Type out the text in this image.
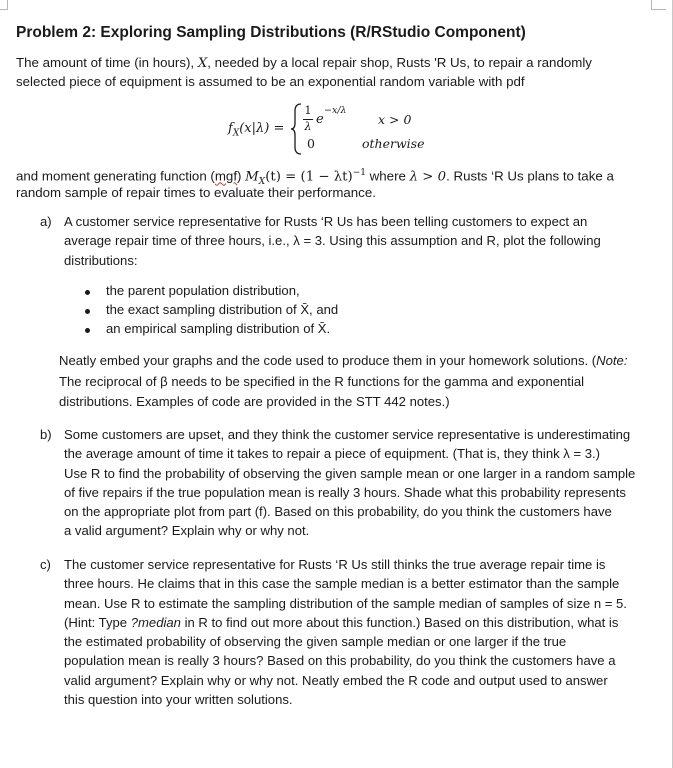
Problem 2: Exploring Sampling Distributions (R/RStudio Component)
The amount of time (in hours), X, needed by a local repair shop, Rusts 'R Us, to repair a randomly
selected piece of equipment is assumed to be an exponential random variable with pdf
$f_X(x|\lambda)$ =
1
λ e
−x/λ
x > 0
0	otherwise
and moment generating function (mgf) $M_X(t) = (1 - \lambda t)^{-1}$ where λ > 0. Rusts ‘R Us plans to take a
random sample of repair times to evaluate their performance.
a) A customer service representative for Rusts ‘R Us has been telling customers to expect an
average repair time of three hours, i.e., λ = 3. Using this assumption and R, plot the following
distributions:
the parent population distribution,
the exact sampling distribution of X̄, and
an empirical sampling distribution of X̄.
Neatly embed your graphs and the code used to produce them in your homework solutions. (Note:
The reciprocal of β needs to be specified in the R functions for the gamma and exponential
distributions. Examples of code are provided in the STT 442 notes.)
b) Some customers are upset, and they think the customer service representative is underestimating
the average amount of time it takes to repair a piece of equipment. (That is, they think λ = 3.)
Use R to find the probability of observing the given sample mean or one larger in a random sample
of five repairs if the true population mean is really 3 hours. Shade what this probability represents
on the appropriate plot from part (f). Based on this probability, do you think the customers have
a valid argument? Explain why or why not.
c) The customer service representative for Rusts ‘R Us still thinks the true average repair time is
three hours. He claims that in this case the sample median is a better estimator than the sample
mean. Use R to estimate the sampling distribution of the sample median of samples of size n = 5.
(Hint: Type ?median in R to find out more about this function.) Based on this distribution, what is
the estimated probability of observing the given sample median or one larger if the true
population mean is really 3 hours? Based on this probability, do you think the customers have a
valid argument? Explain why or why not. Neatly embed the R code and output used to answer
this question into your written solutions.
